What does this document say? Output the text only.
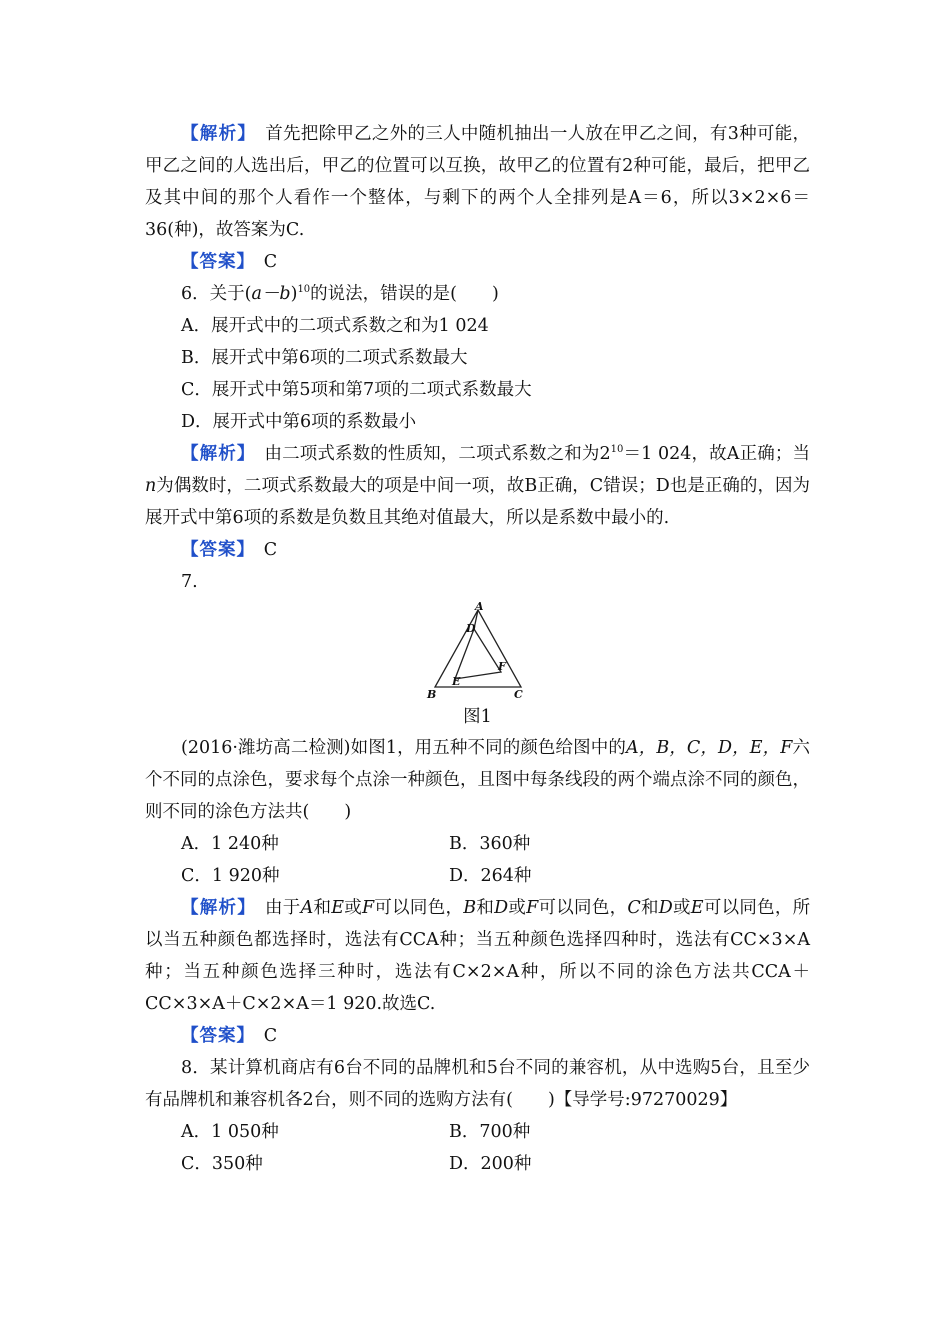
【解析】　 首先把除甲乙之外的三人中随机抽出一人放在甲乙之间，有3种可能，甲乙之间的人选出后，甲乙的位置可以互换，故甲乙的位置有2种可能，最后，把甲乙及其中间的那个人看作一个整体，与剩下的两个人全排列是A＝6，所以3×2×6＝36(种)，故答案为C.

【答案】　 C

6．关于$(a-b)^{10}$的说法，错误的是(　　)

A．展开式中的二项式系数之和为1 024

B．展开式中第6项的二项式系数最大

C．展开式中第5项和第7项的二项式系数最大

D．展开式中第6项的系数最小

【解析】　 由二项式系数的性质知，二项式系数之和为$2^{10}=1$ 024，故A正确；当n为偶数时，二项式系数最大的项是中间一项，故B正确，C错误；D也是正确的，因为展开式中第6项的系数是负数且其绝对值最大，所以是系数中最小的.

【答案】　 C

7.

A
D
F
E
B	C

图1

(2016·潍坊高二检测)如图1，用五种不同的颜色给图中的A，B，C，D，E，F六个不同的点涂色，要求每个点涂一种颜色，且图中每条线段的两个端点涂不同的颜色，则不同的涂色方法共(　　)

A．1 240种	B．360种
C．1 920种	D．264种

【解析】　 由于A和E或F可以同色，B和D或F可以同色，C和D或E可以同色，所以当五种颜色都选择时，选法有CCA种；当五种颜色选择四种时，选法有CC×3×A种；当五种颜色选择三种时，选法有C×2×A种，所以不同的涂色方法共CCA＋CC×3×A＋C×2×A＝1 920.故选C.

【答案】　 C

8．某计算机商店有6台不同的品牌机和5台不同的兼容机，从中选购5台，且至少有品牌机和兼容机各2台，则不同的选购方法有(　　)【导学号:97270029】

A．1 050种	B．700种
C．350种	D．200种
